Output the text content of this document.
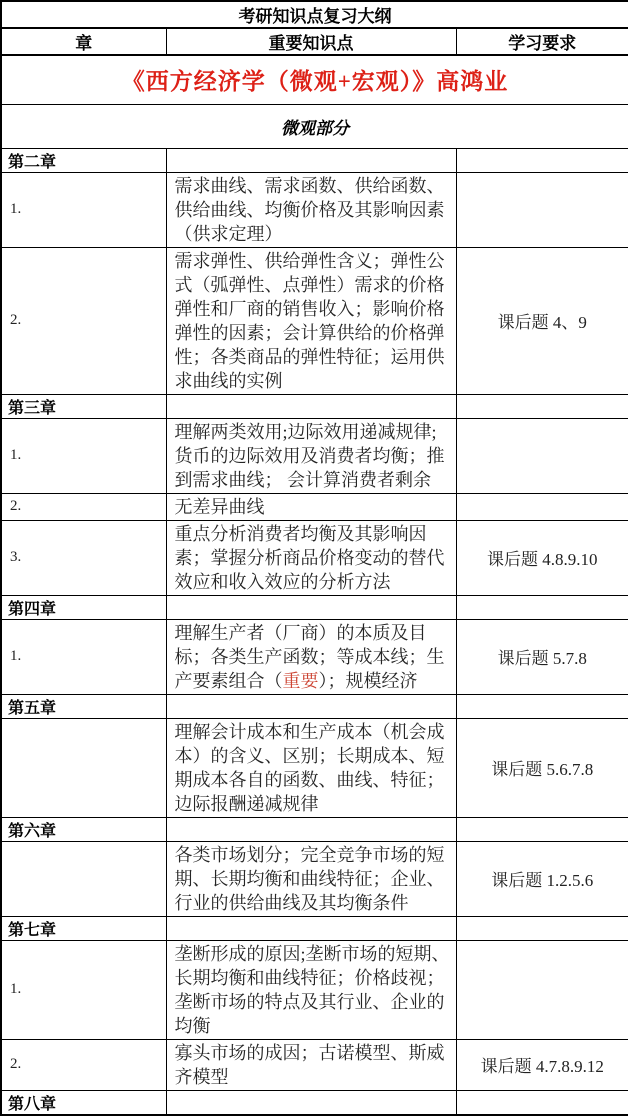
考研知识点复习大纲		
章	重要知识点	学习要求
《西方经济学（微观+宏观）》高鸿业		
微观部分		
第二章		
1.	需求曲线、需求函数、供给函数、供给曲线、均衡价格及其影响因素（供求定理）	
2.	需求弹性、供给弹性含义；弹性公式（弧弹性、点弹性）需求的价格弹性和厂商的销售收入；影响价格弹性的因素；会计算供给的价格弹性；各类商品的弹性特征；运用供求曲线的实例	课后题 4、9
第三章		
1.	理解两类效用;边际效用递减规律;货币的边际效用及消费者均衡；推到需求曲线； 会计算消费者剩余	
2.	无差异曲线	
3.	重点分析消费者均衡及其影响因素；掌握分析商品价格变动的替代效应和收入效应的分析方法	课后题 4.8.9.10
第四章		
1.	理解生产者（厂商）的本质及目标；各类生产函数；等成本线；生产要素组合（重要）；规模经济	课后题 5.7.8
第五章		
	理解会计成本和生产成本（机会成本）的含义、区别；长期成本、短期成本各自的函数、曲线、特征；边际报酬递减规律	课后题 5.6.7.8
第六章		
	各类市场划分；完全竞争市场的短期、长期均衡和曲线特征；企业、行业的供给曲线及其均衡条件	课后题 1.2.5.6
第七章		
1.	垄断形成的原因;垄断市场的短期、长期均衡和曲线特征；价格歧视；垄断市场的特点及其行业、企业的均衡	
2.	寡头市场的成因；古诺模型、斯威齐模型	课后题 4.7.8.9.12
第八章		
